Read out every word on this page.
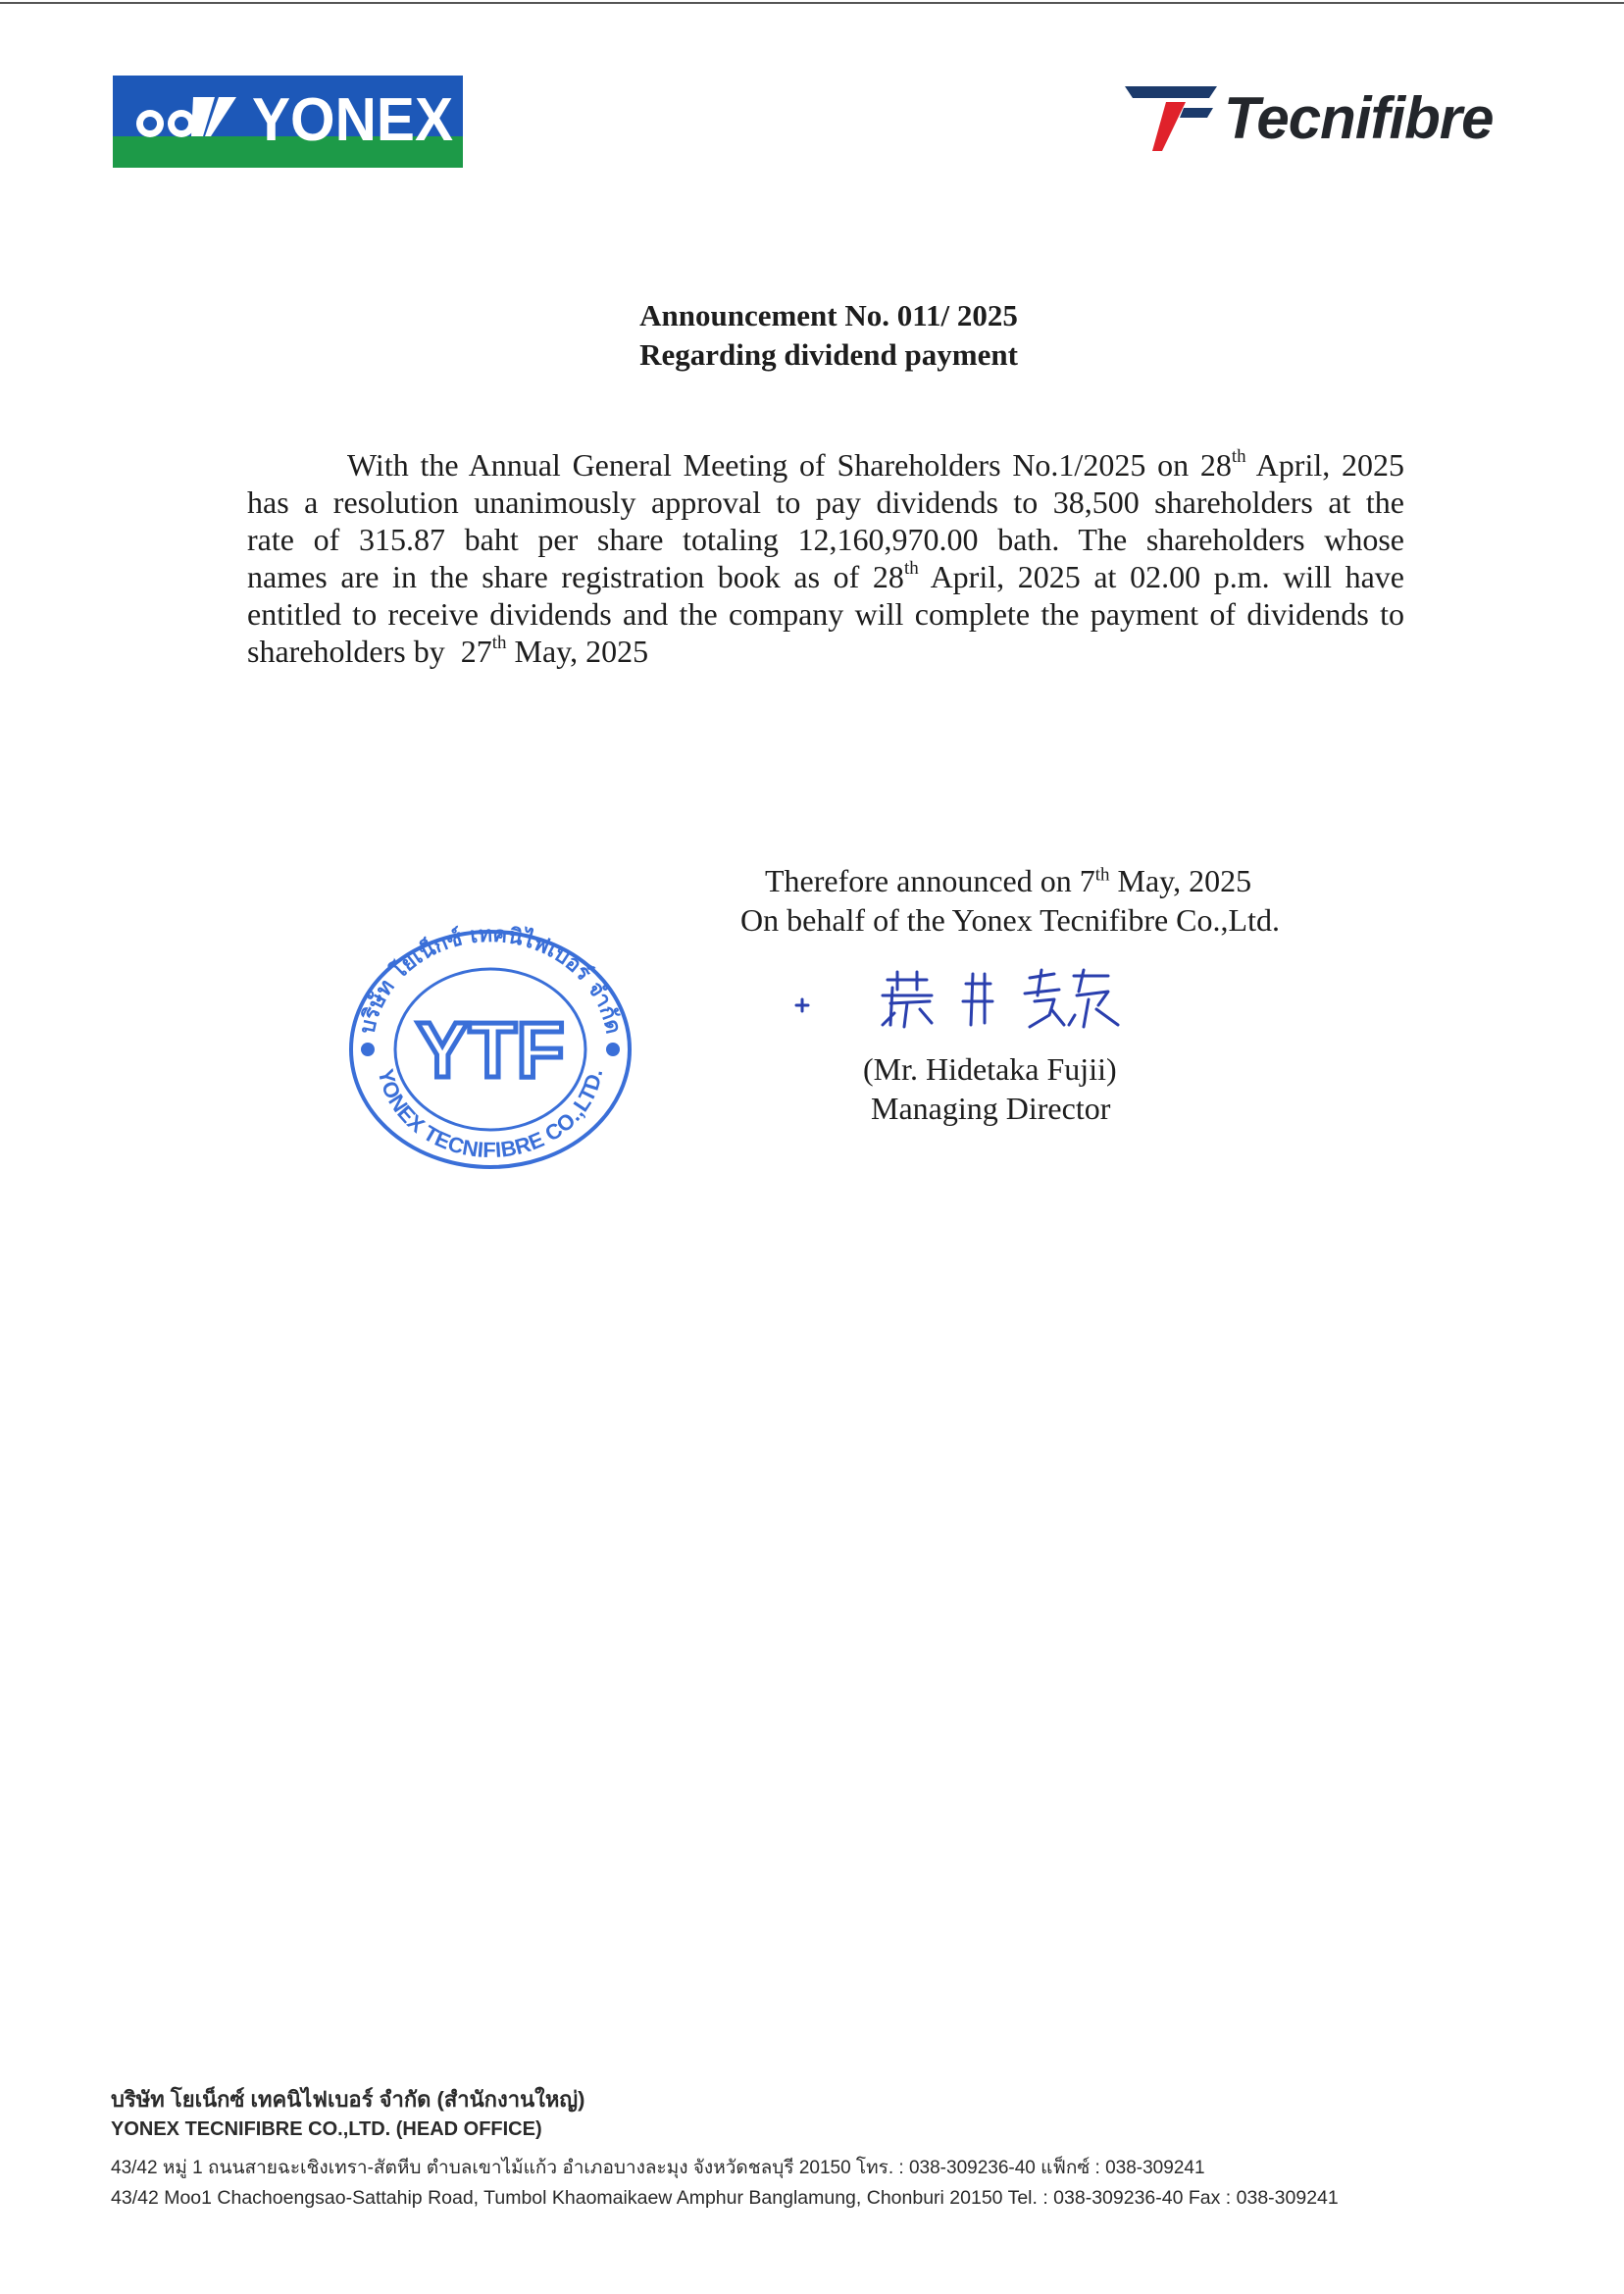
YONEX	Tecnifibre
Announcement No. 011/ 2025
Regarding dividend payment
With the Annual General Meeting of Shareholders No.1/2025 on 28th April, 2025
has a resolution unanimously approval to pay dividends to 38,500 shareholders at the
rate of 315.87 baht per share totaling 12,160,970.00 bath. The shareholders whose
names are in the share registration book as of 28th April, 2025 at 02.00 p.m. will have
entitled to receive dividends and the company will complete the payment of dividends to
shareholders by  27th May, 2025
Therefore announced on 7th May, 2025
On behalf of the Yonex Tecnifibre Co.,Ltd.
YTF
บริษัท โยเน็กซ์ เทคนิไฟเบอร์ จำกัด
YONEX TECNIFIBRE CO.,LTD.	(Mr. Hidetaka Fujii)
Managing Director
บริษัท โยเน็กซ์ เทคนิไฟเบอร์ จำกัด (สำนักงานใหญ่)
YONEX TECNIFIBRE CO.,LTD. (HEAD OFFICE)
43/42 หมู่ 1 ถนนสายฉะเชิงเทรา-สัตหีบ ตำบลเขาไม้แก้ว อำเภอบางละมุง จังหวัดชลบุรี 20150 โทร. : 038-309236-40 แฟ็กซ์ : 038-309241
43/42 Moo1 Chachoengsao-Sattahip Road, Tumbol Khaomaikaew Amphur Banglamung, Chonburi 20150 Tel. : 038-309236-40 Fax : 038-309241
